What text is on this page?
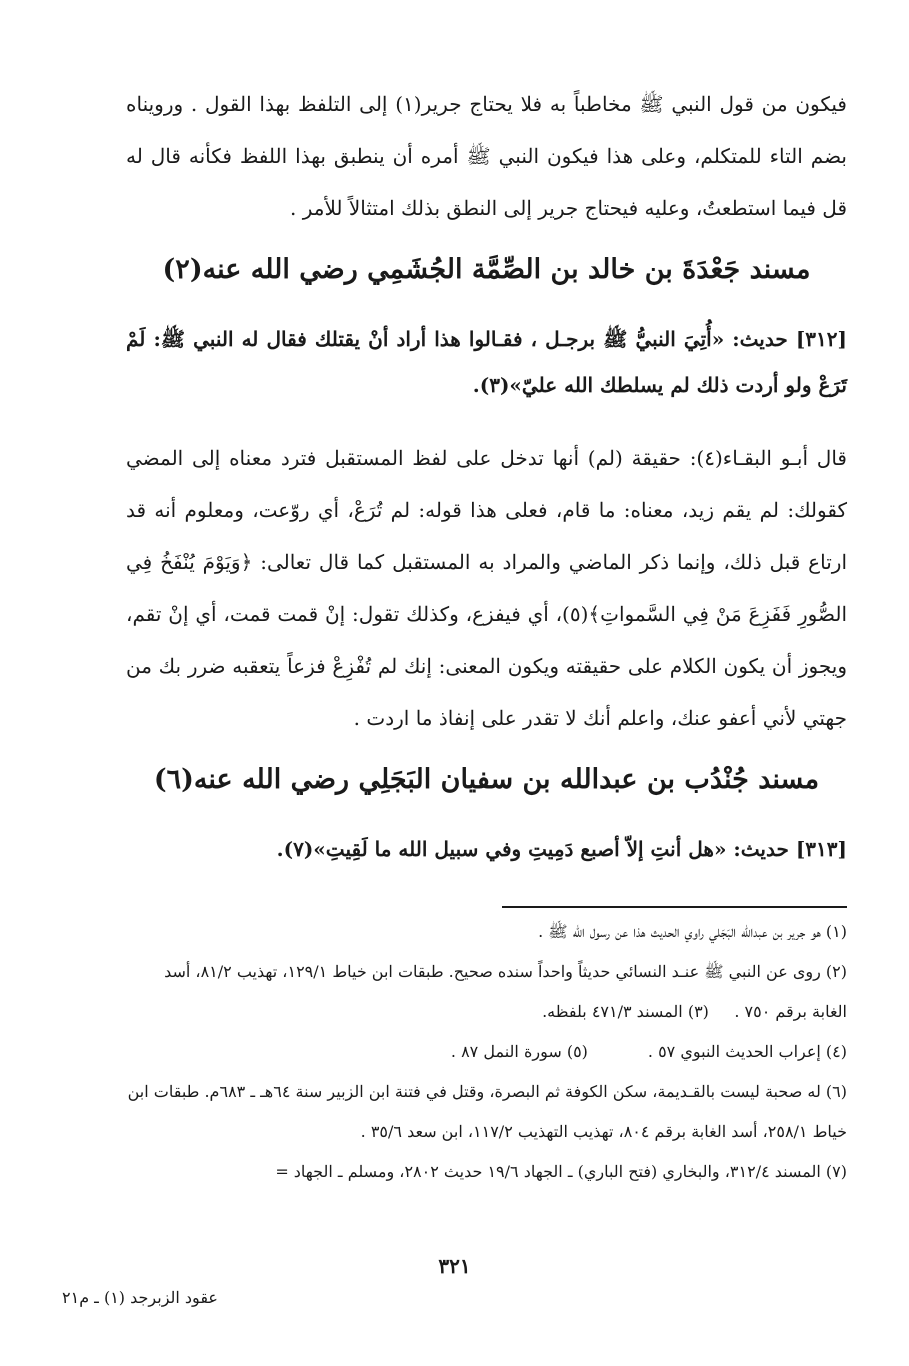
فيكون من قول النبي ﷺ مخاطباً به فلا يحتاج جرير(١) إلى التلفظ بهذا القول . ورويناه بضم التاء للمتكلم، وعلى هذا فيكون النبي ﷺ أمره أن ينطبق بهذا اللفظ فكأنه قال له قل فيما استطعتُ، وعليه فيحتاج جرير إلى النطق بذلك امتثالاً للأمر .

مسند جَعْدَةَ بن خالد بن الصِّمَّة الجُشَمِي رضي الله عنه(٢)

[٣١٢] حديث: «أُتِيَ النبيُّ ﷺ برجـل ، فقـالوا هذا أراد أنْ يقتلك فقال له النبي ﷺ: لَمْ تَرَعْ ولو أردت ذلك لم يسلطك الله عليّ»(٣).

قال أبـو البقـاء(٤): حقيقة (لم) أنها تدخل على لفظ المستقبل فترد معناه إلى المضي كقولك: لم يقم زيد، معناه: ما قام، فعلى هذا قوله: لم تُرَعْ، أي روّعت، ومعلوم أنه قد ارتاع قبل ذلك، وإنما ذكر الماضي والمراد به المستقبل كما قال تعالى: ﴿وَيَوْمَ يُنْفَخُ فِي الصُّورِ فَفَزِعَ مَنْ فِي السَّمواتِ﴾(٥)، أي فيفزع، وكذلك تقول: إنْ قمت قمت، أي إنْ تقم، ويجوز أن يكون الكلام على حقيقته ويكون المعنى: إنك لم تُفْزِعْ فزعاً يتعقبه ضرر بك من جهتي لأني أعفو عنك، واعلم أنك لا تقدر على إنفاذ ما اردت .

مسند جُنْدُب بن عبدالله بن سفيان البَجَلِي رضي الله عنه(٦)

[٣١٣] حديث: «هل أنتِ إلاّ أصبع دَمِيتِ وفي سبيل الله ما لَقِيتِ»(٧).

(١) هو جرير بن عبدالله البَجَلي راوي الحديث هذا عن رسول الله ﷺ .

(٢) روى عن النبي ﷺ عنـد النسائي حديثاً واحداً سنده صحيح. طبقات ابن خياط ١٢٩/١، تهذيب ٨١/٢، أسد الغابة برقم ٧٥٠ .     (٣) المسند ٤٧١/٣ بلفظه.

(٤) إعراب الحديث النبوي ٥٧ .
(٥) سورة النمل ٨٧ .

(٦) له صحبة ليست بالقـديمة، سكن الكوفة ثم البصرة، وقتل في فتنة ابن الزبير سنة ٦٤هـ ـ ٦٨٣م. طبقات ابن خياط ٢٥٨/١، أسد الغابة برقم ٨٠٤، تهذيب التهذيب ١١٧/٢، ابن سعد ٣٥/٦ .

(٧) المسند ٣١٢/٤، والبخاري (فتح الباري) ـ الجهاد ١٩/٦ حديث ٢٨٠٢، ومسلم ـ الجهاد =

٣٢١
عقود الزبرجد (١) ـ م٢١
